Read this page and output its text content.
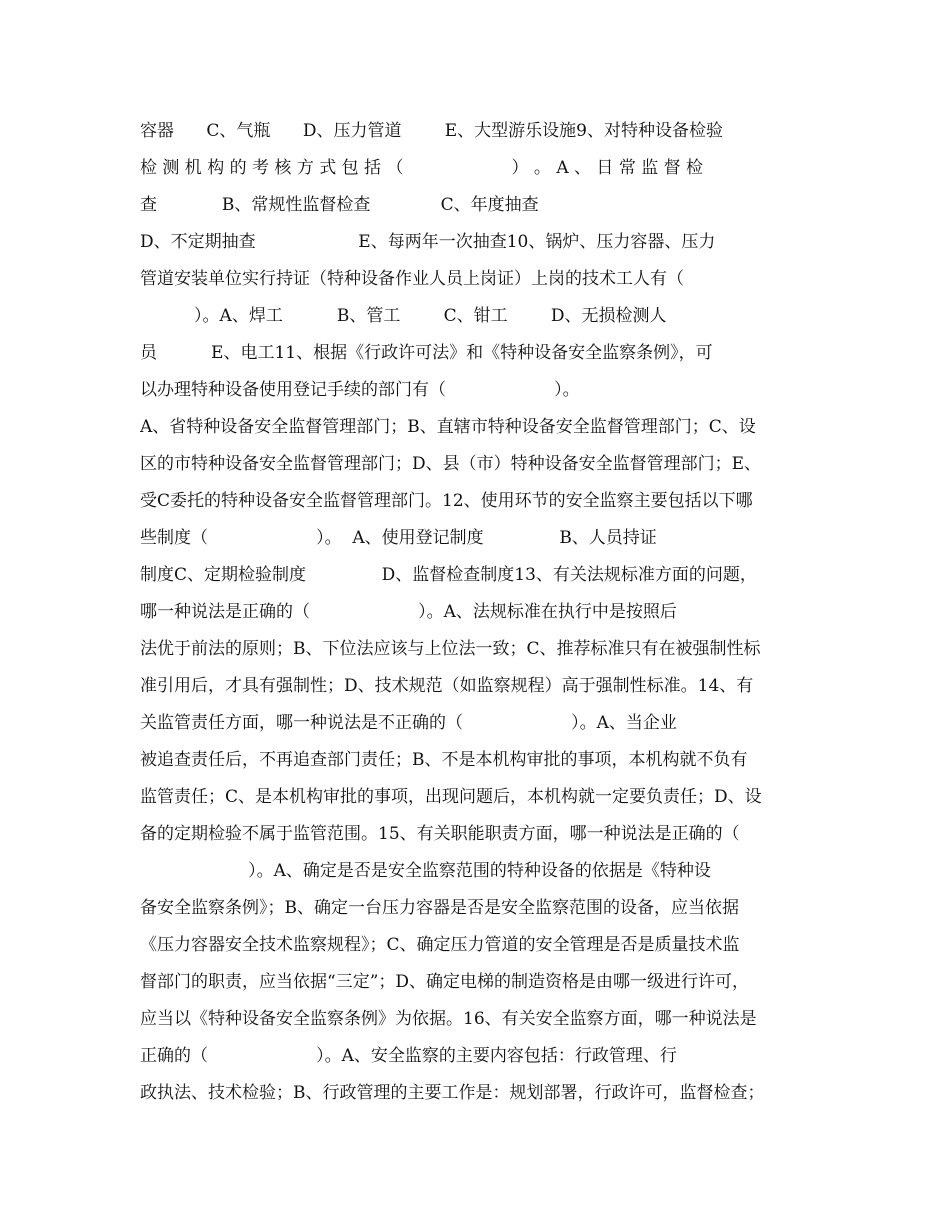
容器      C、气瓶      D、压力管道        E、大型游乐设施9、对特种设备检验
检 测 机 构 的 考 核 方 式 包 括 （                    ） 。 A 、 日 常 监 督 检
查            B、常规性监督检查             C、年度抽查
D、不定期抽查                   E、每两年一次抽查10、锅炉、压力容器、压力
管道安装单位实行持证（特种设备作业人员上岗证）上岗的技术工人有（
）。A、焊工          B、管工        C、钳工        D、无损检测人
员          E、电工11、根据《行政许可法》和《特种设备安全监察条例》，可
以办理特种设备使用登记手续的部门有（                    ）。
A、省特种设备安全监督管理部门；B、直辖市特种设备安全监督管理部门；C、设
区的市特种设备安全监督管理部门；D、县（市）特种设备安全监督管理部门；E、
受C委托的特种设备安全监督管理部门。12、使用环节的安全监察主要包括以下哪
些制度（                    ）。  A、使用登记制度              B、人员持证
制度C、定期检验制度              D、监督检查制度13、有关法规标准方面的问题，
哪一种说法是正确的（                    ）。A、法规标准在执行中是按照后
法优于前法的原则；B、下位法应该与上位法一致；C、推荐标准只有在被强制性标
准引用后，才具有强制性；D、技术规范（如监察规程）高于强制性标准。14、有
关监管责任方面，哪一种说法是不正确的（                    ）。A、当企业
被追查责任后，不再追查部门责任；B、不是本机构审批的事项，本机构就不负有
监管责任；C、是本机构审批的事项，出现问题后，本机构就一定要负责任；D、设
备的定期检验不属于监管范围。15、有关职能职责方面，哪一种说法是正确的（
）。A、确定是否是安全监察范围的特种设备的依据是《特种设
备安全监察条例》；B、确定一台压力容器是否是安全监察范围的设备，应当依据
《压力容器安全技术监察规程》；C、确定压力管道的安全管理是否是质量技术监
督部门的职责，应当依据“三定”；D、确定电梯的制造资格是由哪一级进行许可，
应当以《特种设备安全监察条例》为依据。16、有关安全监察方面，哪一种说法是
正确的（                    ）。A、安全监察的主要内容包括：行政管理、行
政执法、技术检验；B、行政管理的主要工作是：规划部署，行政许可，监督检查；
